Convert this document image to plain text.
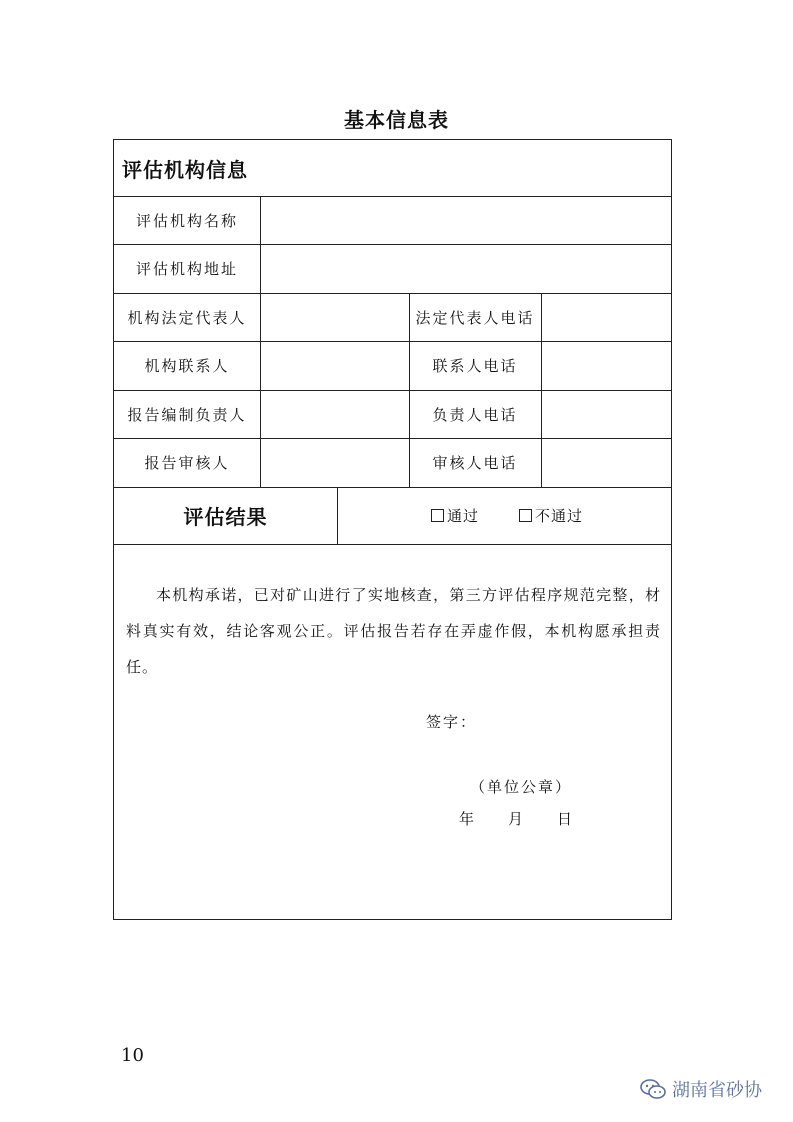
基本信息表
评估机构信息
评估机构名称
评估机构地址
机构法定代表人	法定代表人电话
机构联系人	联系人电话
报告编制负责人	负责人电话
报告审核人	审核人电话
评估结果	通过	不通过
本机构承诺，已对矿山进行了实地核查，第三方评估程序规范完整，材料真实有效，结论客观公正。评估报告若存在弄虚作假，本机构愿承担责任。
签字：
（单位公章）
年 月 日
10
湖南省砂协
